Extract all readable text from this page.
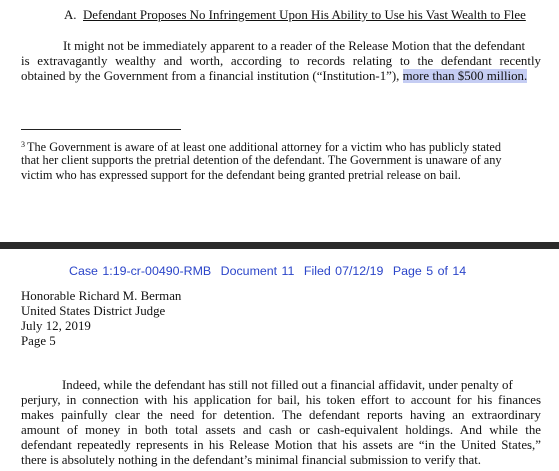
A. Defendant Proposes No Infringement Upon His Ability to Use his Vast Wealth to Flee
It might not be immediately apparent to a reader of the Release Motion that the defendant
is extravagantly wealthy and worth, according to records relating to the defendant recently
obtained by the Government from a financial institution (“Institution-1”), more than $500 million.
$^3$ The Government is aware of at least one additional attorney for a victim who has publicly stated
that her client supports the pretrial detention of the defendant. The Government is unaware of any
victim who has expressed support for the defendant being granted pretrial release on bail.
Case 1:19-cr-00490-RMB Document 11 Filed 07/12/19 Page 5 of 14
Honorable Richard M. Berman
United States District Judge
July 12, 2019
Page 5
Indeed, while the defendant has still not filled out a financial affidavit, under penalty of
perjury, in connection with his application for bail, his token effort to account for his finances
makes painfully clear the need for detention. The defendant reports having an extraordinary
amount of money in both total assets and cash or cash-equivalent holdings. And while the
defendant repeatedly represents in his Release Motion that his assets are “in the United States,”
there is absolutely nothing in the defendant’s minimal financial submission to verify that.
